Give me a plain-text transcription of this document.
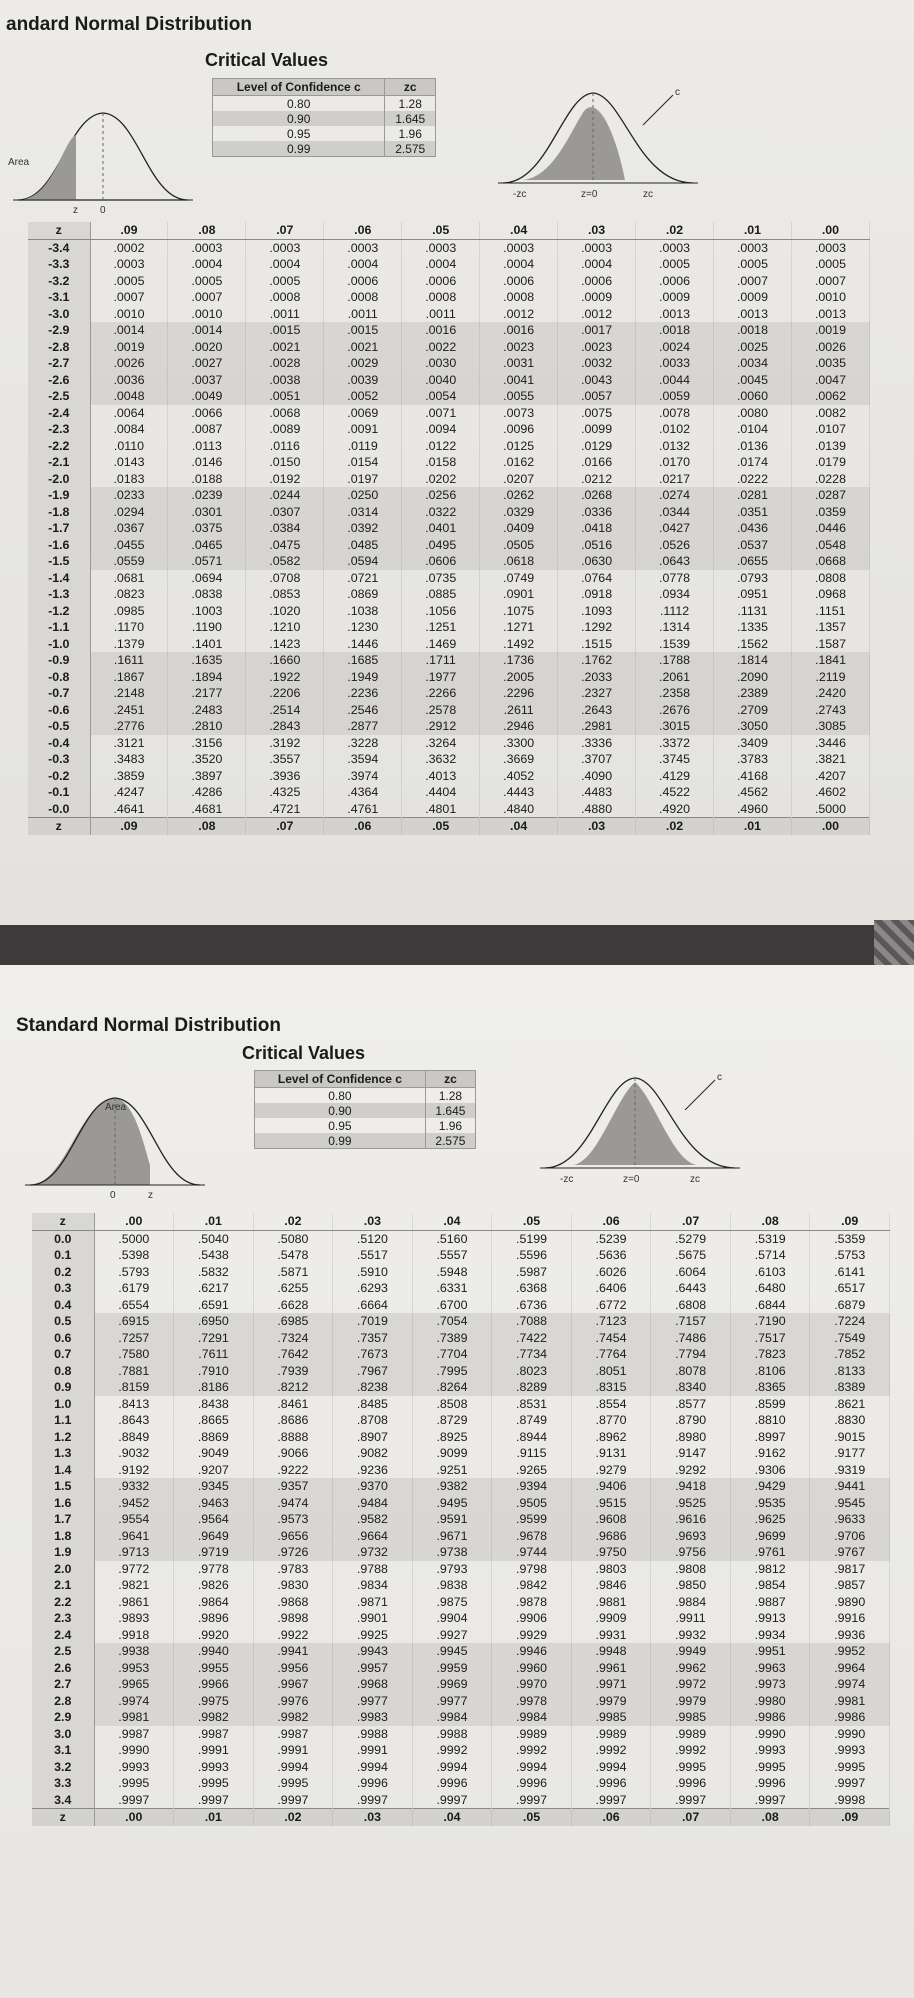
andard Normal Distribution
Critical Values
Level of Confidence c	zc
0.80	1.28
0.90	1.645
0.95	1.96
0.99	2.575
Area
z 0
c
-zc	z=0	zc
z	.09	.08	.07	.06	.05	.04	.03	.02	.01	.00
-3.4	.0002	.0003	.0003	.0003	.0003	.0003	.0003	.0003	.0003	.0003
-3.3	.0003	.0004	.0004	.0004	.0004	.0004	.0004	.0005	.0005	.0005
-3.2	.0005	.0005	.0005	.0006	.0006	.0006	.0006	.0006	.0007	.0007
-3.1	.0007	.0007	.0008	.0008	.0008	.0008	.0009	.0009	.0009	.0010
-3.0	.0010	.0010	.0011	.0011	.0011	.0012	.0012	.0013	.0013	.0013
-2.9	.0014	.0014	.0015	.0015	.0016	.0016	.0017	.0018	.0018	.0019
-2.8	.0019	.0020	.0021	.0021	.0022	.0023	.0023	.0024	.0025	.0026
-2.7	.0026	.0027	.0028	.0029	.0030	.0031	.0032	.0033	.0034	.0035
-2.6	.0036	.0037	.0038	.0039	.0040	.0041	.0043	.0044	.0045	.0047
-2.5	.0048	.0049	.0051	.0052	.0054	.0055	.0057	.0059	.0060	.0062
-2.4	.0064	.0066	.0068	.0069	.0071	.0073	.0075	.0078	.0080	.0082
-2.3	.0084	.0087	.0089	.0091	.0094	.0096	.0099	.0102	.0104	.0107
-2.2	.0110	.0113	.0116	.0119	.0122	.0125	.0129	.0132	.0136	.0139
-2.1	.0143	.0146	.0150	.0154	.0158	.0162	.0166	.0170	.0174	.0179
-2.0	.0183	.0188	.0192	.0197	.0202	.0207	.0212	.0217	.0222	.0228
-1.9	.0233	.0239	.0244	.0250	.0256	.0262	.0268	.0274	.0281	.0287
-1.8	.0294	.0301	.0307	.0314	.0322	.0329	.0336	.0344	.0351	.0359
-1.7	.0367	.0375	.0384	.0392	.0401	.0409	.0418	.0427	.0436	.0446
-1.6	.0455	.0465	.0475	.0485	.0495	.0505	.0516	.0526	.0537	.0548
-1.5	.0559	.0571	.0582	.0594	.0606	.0618	.0630	.0643	.0655	.0668
-1.4	.0681	.0694	.0708	.0721	.0735	.0749	.0764	.0778	.0793	.0808
-1.3	.0823	.0838	.0853	.0869	.0885	.0901	.0918	.0934	.0951	.0968
-1.2	.0985	.1003	.1020	.1038	.1056	.1075	.1093	.1112	.1131	.1151
-1.1	.1170	.1190	.1210	.1230	.1251	.1271	.1292	.1314	.1335	.1357
-1.0	.1379	.1401	.1423	.1446	.1469	.1492	.1515	.1539	.1562	.1587
-0.9	.1611	.1635	.1660	.1685	.1711	.1736	.1762	.1788	.1814	.1841
-0.8	.1867	.1894	.1922	.1949	.1977	.2005	.2033	.2061	.2090	.2119
-0.7	.2148	.2177	.2206	.2236	.2266	.2296	.2327	.2358	.2389	.2420
-0.6	.2451	.2483	.2514	.2546	.2578	.2611	.2643	.2676	.2709	.2743
-0.5	.2776	.2810	.2843	.2877	.2912	.2946	.2981	.3015	.3050	.3085
-0.4	.3121	.3156	.3192	.3228	.3264	.3300	.3336	.3372	.3409	.3446
-0.3	.3483	.3520	.3557	.3594	.3632	.3669	.3707	.3745	.3783	.3821
-0.2	.3859	.3897	.3936	.3974	.4013	.4052	.4090	.4129	.4168	.4207
-0.1	.4247	.4286	.4325	.4364	.4404	.4443	.4483	.4522	.4562	.4602
-0.0	.4641	.4681	.4721	.4761	.4801	.4840	.4880	.4920	.4960	.5000
z	.09	.08	.07	.06	.05	.04	.03	.02	.01	.00
Standard Normal Distribution
Critical Values
Level of Confidence c	zc
0.80	1.28
0.90	1.645
0.95	1.96
0.99	2.575
Area
z
0
c
-zc	z=0	zc
z	.00	.01	.02	.03	.04	.05	.06	.07	.08	.09
0.0	.5000	.5040	.5080	.5120	.5160	.5199	.5239	.5279	.5319	.5359
0.1	.5398	.5438	.5478	.5517	.5557	.5596	.5636	.5675	.5714	.5753
0.2	.5793	.5832	.5871	.5910	.5948	.5987	.6026	.6064	.6103	.6141
0.3	.6179	.6217	.6255	.6293	.6331	.6368	.6406	.6443	.6480	.6517
0.4	.6554	.6591	.6628	.6664	.6700	.6736	.6772	.6808	.6844	.6879
0.5	.6915	.6950	.6985	.7019	.7054	.7088	.7123	.7157	.7190	.7224
0.6	.7257	.7291	.7324	.7357	.7389	.7422	.7454	.7486	.7517	.7549
0.7	.7580	.7611	.7642	.7673	.7704	.7734	.7764	.7794	.7823	.7852
0.8	.7881	.7910	.7939	.7967	.7995	.8023	.8051	.8078	.8106	.8133
0.9	.8159	.8186	.8212	.8238	.8264	.8289	.8315	.8340	.8365	.8389
1.0	.8413	.8438	.8461	.8485	.8508	.8531	.8554	.8577	.8599	.8621
1.1	.8643	.8665	.8686	.8708	.8729	.8749	.8770	.8790	.8810	.8830
1.2	.8849	.8869	.8888	.8907	.8925	.8944	.8962	.8980	.8997	.9015
1.3	.9032	.9049	.9066	.9082	.9099	.9115	.9131	.9147	.9162	.9177
1.4	.9192	.9207	.9222	.9236	.9251	.9265	.9279	.9292	.9306	.9319
1.5	.9332	.9345	.9357	.9370	.9382	.9394	.9406	.9418	.9429	.9441
1.6	.9452	.9463	.9474	.9484	.9495	.9505	.9515	.9525	.9535	.9545
1.7	.9554	.9564	.9573	.9582	.9591	.9599	.9608	.9616	.9625	.9633
1.8	.9641	.9649	.9656	.9664	.9671	.9678	.9686	.9693	.9699	.9706
1.9	.9713	.9719	.9726	.9732	.9738	.9744	.9750	.9756	.9761	.9767
2.0	.9772	.9778	.9783	.9788	.9793	.9798	.9803	.9808	.9812	.9817
2.1	.9821	.9826	.9830	.9834	.9838	.9842	.9846	.9850	.9854	.9857
2.2	.9861	.9864	.9868	.9871	.9875	.9878	.9881	.9884	.9887	.9890
2.3	.9893	.9896	.9898	.9901	.9904	.9906	.9909	.9911	.9913	.9916
2.4	.9918	.9920	.9922	.9925	.9927	.9929	.9931	.9932	.9934	.9936
2.5	.9938	.9940	.9941	.9943	.9945	.9946	.9948	.9949	.9951	.9952
2.6	.9953	.9955	.9956	.9957	.9959	.9960	.9961	.9962	.9963	.9964
2.7	.9965	.9966	.9967	.9968	.9969	.9970	.9971	.9972	.9973	.9974
2.8	.9974	.9975	.9976	.9977	.9977	.9978	.9979	.9979	.9980	.9981
2.9	.9981	.9982	.9982	.9983	.9984	.9984	.9985	.9985	.9986	.9986
3.0	.9987	.9987	.9987	.9988	.9988	.9989	.9989	.9989	.9990	.9990
3.1	.9990	.9991	.9991	.9991	.9992	.9992	.9992	.9992	.9993	.9993
3.2	.9993	.9993	.9994	.9994	.9994	.9994	.9994	.9995	.9995	.9995
3.3	.9995	.9995	.9995	.9996	.9996	.9996	.9996	.9996	.9996	.9997
3.4	.9997	.9997	.9997	.9997	.9997	.9997	.9997	.9997	.9997	.9998
z	.00	.01	.02	.03	.04	.05	.06	.07	.08	.09
